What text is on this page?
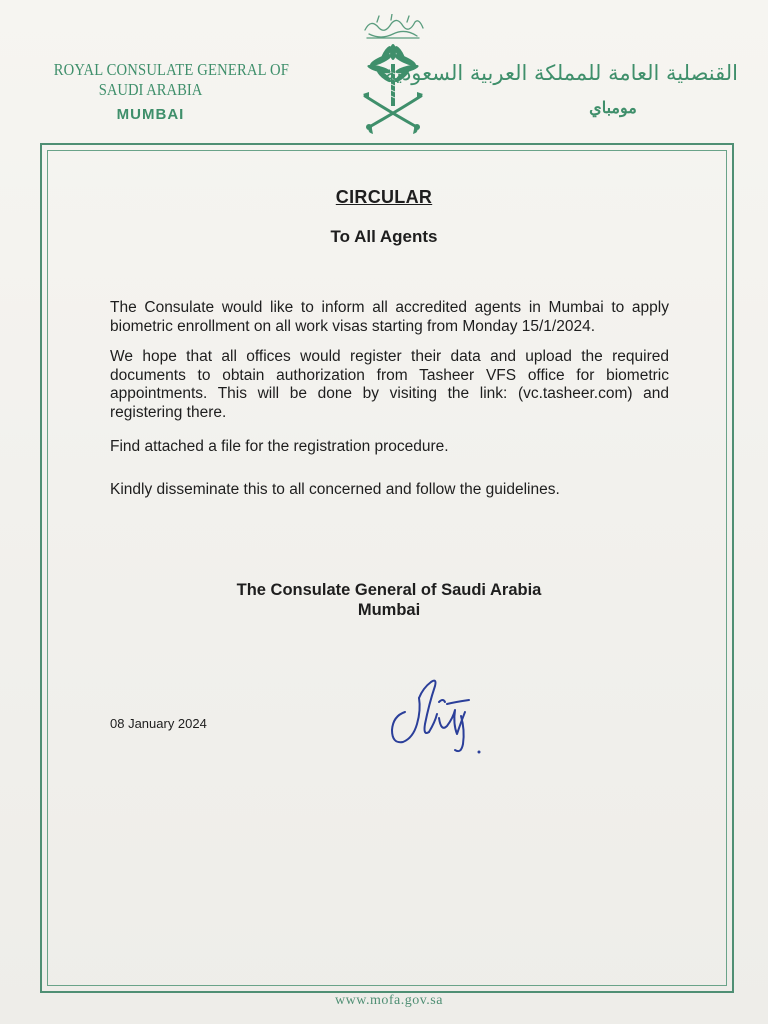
ROYAL CONSULATE GENERAL OF
SAUDI ARABIA
MUMBAI
القنصلية العامة للمملكة العربية السعودية
مومباي
CIRCULAR
To All Agents

The Consulate would like to inform all accredited agents in Mumbai to apply biometric enrollment on all work visas starting from Monday 15/1/2024.

We hope that all offices would register their data and upload the required documents to obtain authorization from Tasheer VFS office for biometric appointments. This will be done by visiting the link: (vc.tasheer.com) and registering there.

Find attached a file for the registration procedure.

Kindly disseminate this to all concerned and follow the guidelines.

The Consulate General of Saudi Arabia
Mumbai
08 January 2024
www.mofa.gov.sa
